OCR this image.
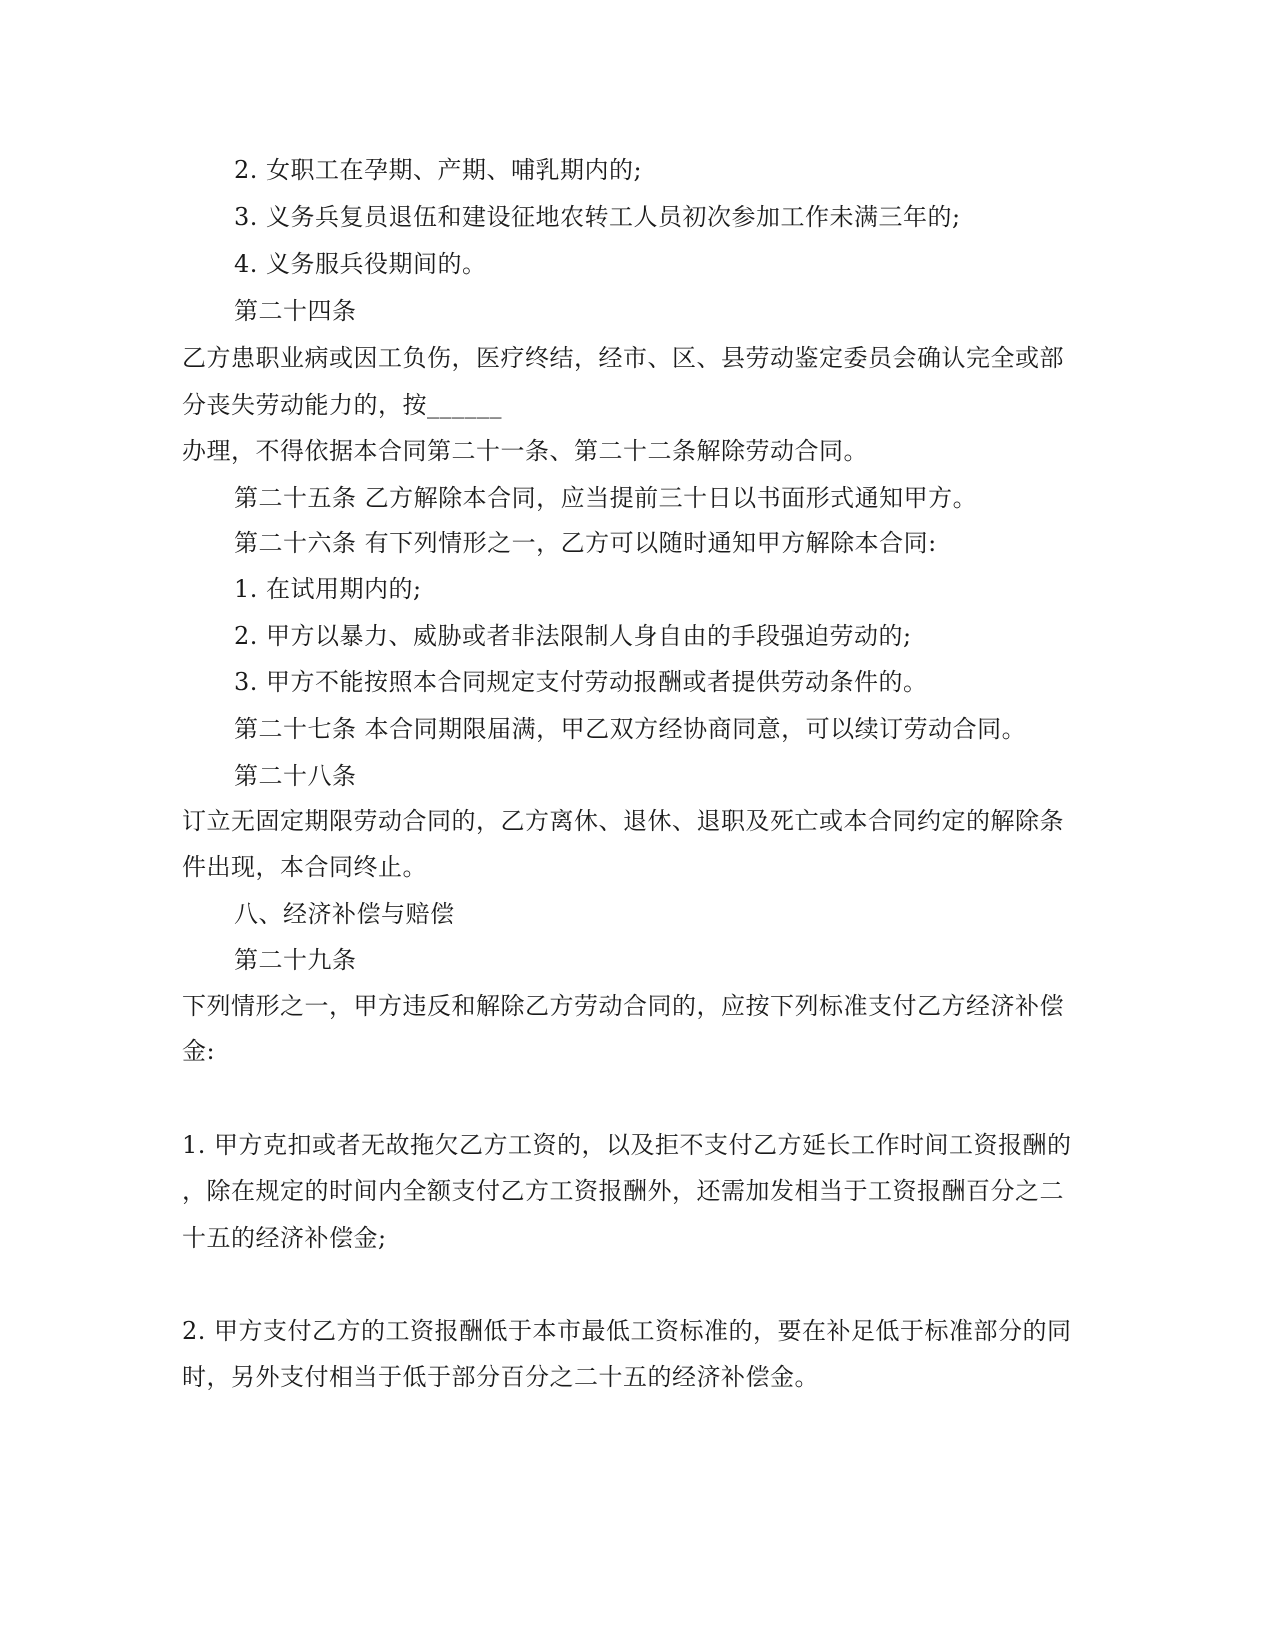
2. 女职工在孕期、产期、哺乳期内的;
3. 义务兵复员退伍和建设征地农转工人员初次参加工作未满三年的;
4. 义务服兵役期间的。
第二十四条
乙方患职业病或因工负伤，医疗终结，经市、区、县劳动鉴定委员会确认完全或部
分丧失劳动能力的，按______
办理，不得依据本合同第二十一条、第二十二条解除劳动合同。
第二十五条 乙方解除本合同，应当提前三十日以书面形式通知甲方。
第二十六条 有下列情形之一，乙方可以随时通知甲方解除本合同:
1. 在试用期内的;
2. 甲方以暴力、威胁或者非法限制人身自由的手段强迫劳动的;
3. 甲方不能按照本合同规定支付劳动报酬或者提供劳动条件的。
第二十七条 本合同期限届满，甲乙双方经协商同意，可以续订劳动合同。
第二十八条
订立无固定期限劳动合同的，乙方离休、退休、退职及死亡或本合同约定的解除条
件出现，本合同终止。
八、经济补偿与赔偿
第二十九条
下列情形之一，甲方违反和解除乙方劳动合同的，应按下列标准支付乙方经济补偿
金:
1. 甲方克扣或者无故拖欠乙方工资的，以及拒不支付乙方延长工作时间工资报酬的
，除在规定的时间内全额支付乙方工资报酬外，还需加发相当于工资报酬百分之二
十五的经济补偿金;
2. 甲方支付乙方的工资报酬低于本市最低工资标准的，要在补足低于标准部分的同
时，另外支付相当于低于部分百分之二十五的经济补偿金。
